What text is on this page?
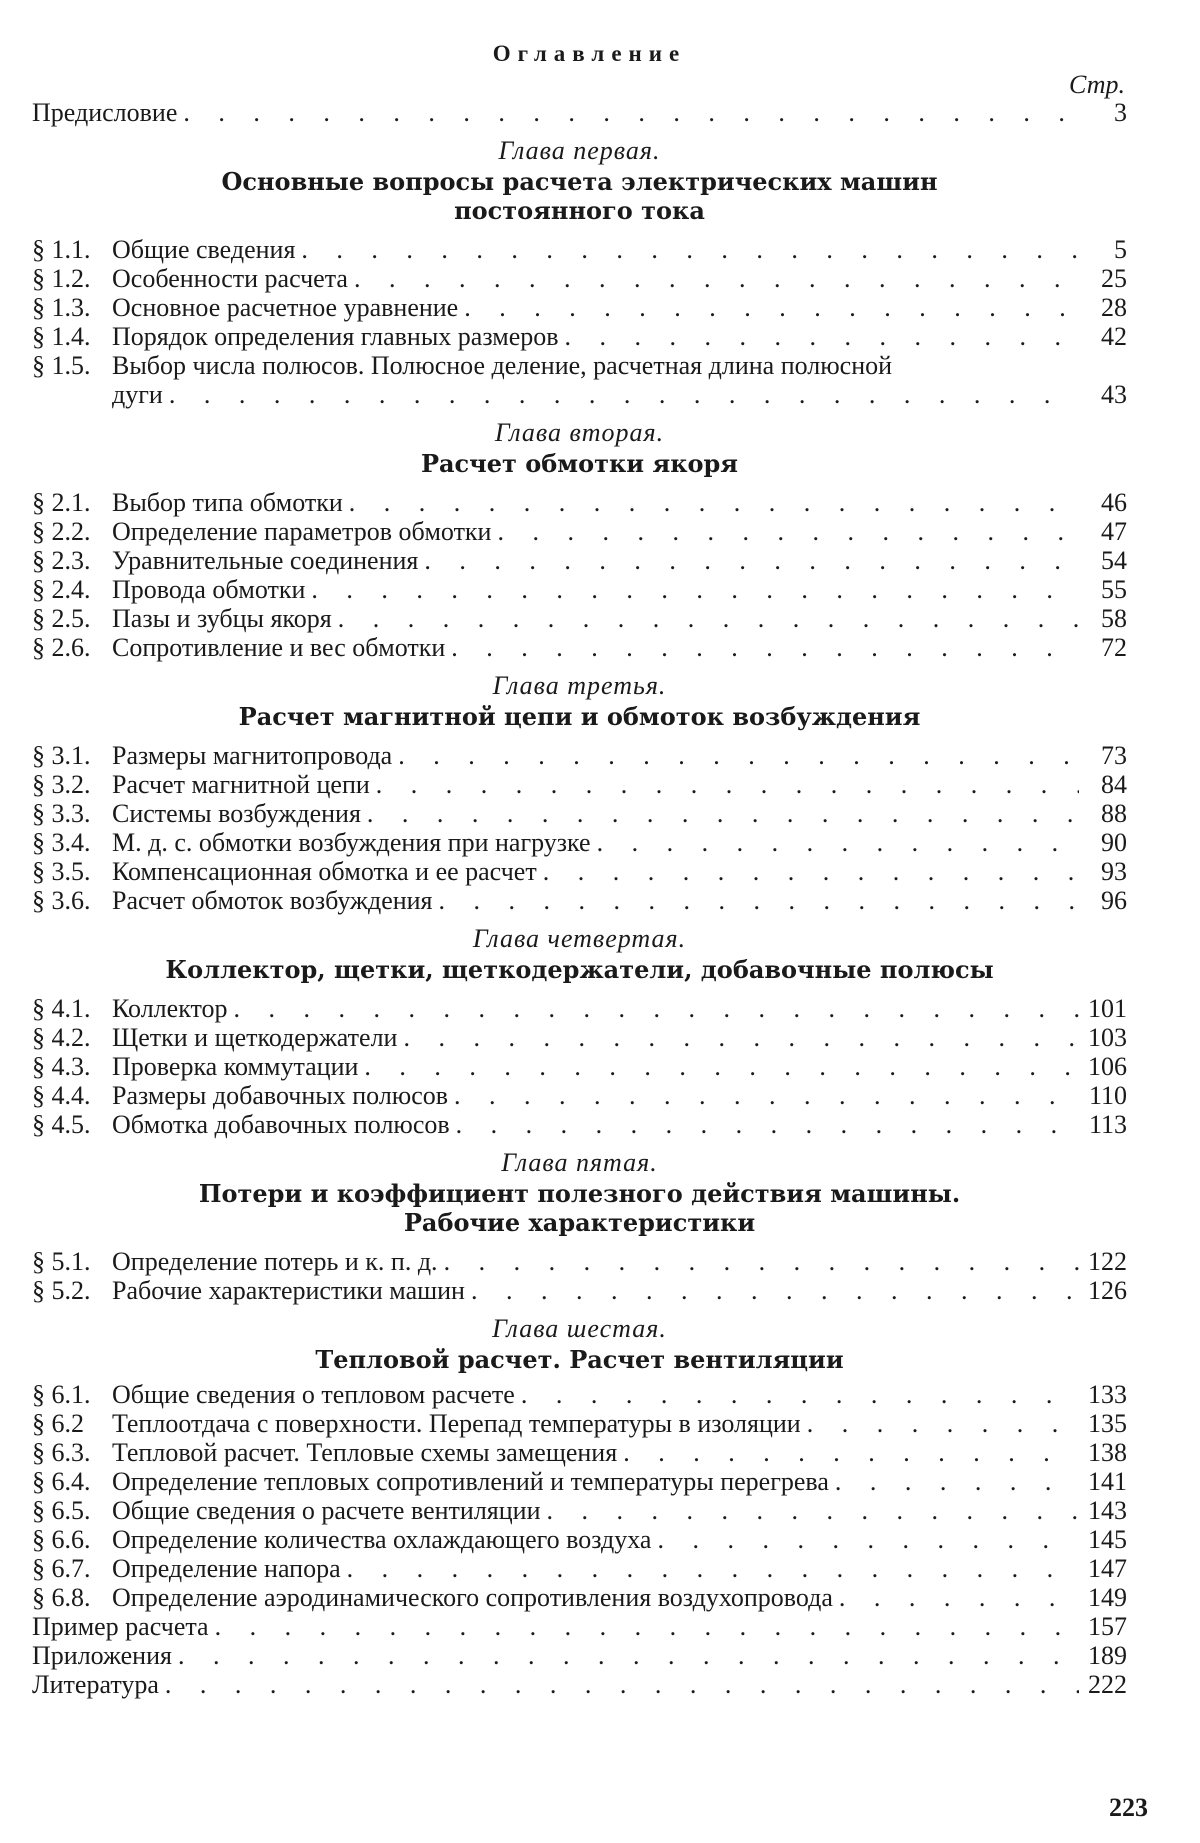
Оглавление
Стр.
Предисловие . . .	3
Глава первая.
Основные вопросы расчета электрических машин
постоянного тока
§ 1.1. Общие сведения . . .	5
§ 1.2. Особенности расчета . . .	25
§ 1.3. Основное расчетное уравнение . . .	28
§ 1.4. Порядок определения главных размеров . . .	42
§ 1.5. Выбор числа полюсов. Полюсное деление, расчетная длина полюсной
дуги . . .	43
Глава вторая.
Расчет обмотки якоря
§ 2.1. Выбор типа обмотки . . .	46
§ 2.2. Определение параметров обмотки . . .	47
§ 2.3. Уравнительные соединения . . .	54
§ 2.4. Провода обмотки . . .	55
§ 2.5. Пазы и зубцы якоря . . .	58
§ 2.6. Сопротивление и вес обмотки . . .	72
Глава третья.
Расчет магнитной цепи и обмоток возбуждения
§ 3.1. Размеры магнитопровода . . .	73
§ 3.2. Расчет магнитной цепи . . .	84
§ 3.3. Системы возбуждения . . .	88
§ 3.4. М. д. с. обмотки возбуждения при нагрузке . . .	90
§ 3.5. Компенсационная обмотка и ее расчет . . .	93
§ 3.6. Расчет обмоток возбуждения . . .	96
Глава четвертая.
Коллектор, щетки, щеткодержатели, добавочные полюсы
§ 4.1. Коллектор . . .	101
§ 4.2. Щетки и щеткодержатели . . .	103
§ 4.3. Проверка коммутации . . .	106
§ 4.4. Размеры добавочных полюсов . . .	110
§ 4.5. Обмотка добавочных полюсов . . .	113
Глава пятая.
Потери и коэффициент полезного действия машины.
Рабочие характеристики
§ 5.1. Определение потерь и к. п. д. . . .	122
§ 5.2. Рабочие характеристики машин . . .	126
Глава шестая.
Тепловой расчет. Расчет вентиляции
§ 6.1. Общие сведения о тепловом расчете . . .	133
§ 6.2	Теплоотдача с поверхности. Перепад температуры в изоляции . . .	135
§ 6.3. Тепловой расчет. Тепловые схемы замещения . . .	138
§ 6.4. Определение тепловых сопротивлений и температуры перегрева . . .	141
§ 6.5. Общие сведения о расчете вентиляции . . .	143
§ 6.6. Определение количества охлаждающего воздуха . . .	145
§ 6.7. Определение напора . . .	147
§ 6.8. Определение аэродинамического сопротивления воздухопровода . . .	149
Пример расчета . . .	157
Приложения . . .	189
Литература . . .	222
223
